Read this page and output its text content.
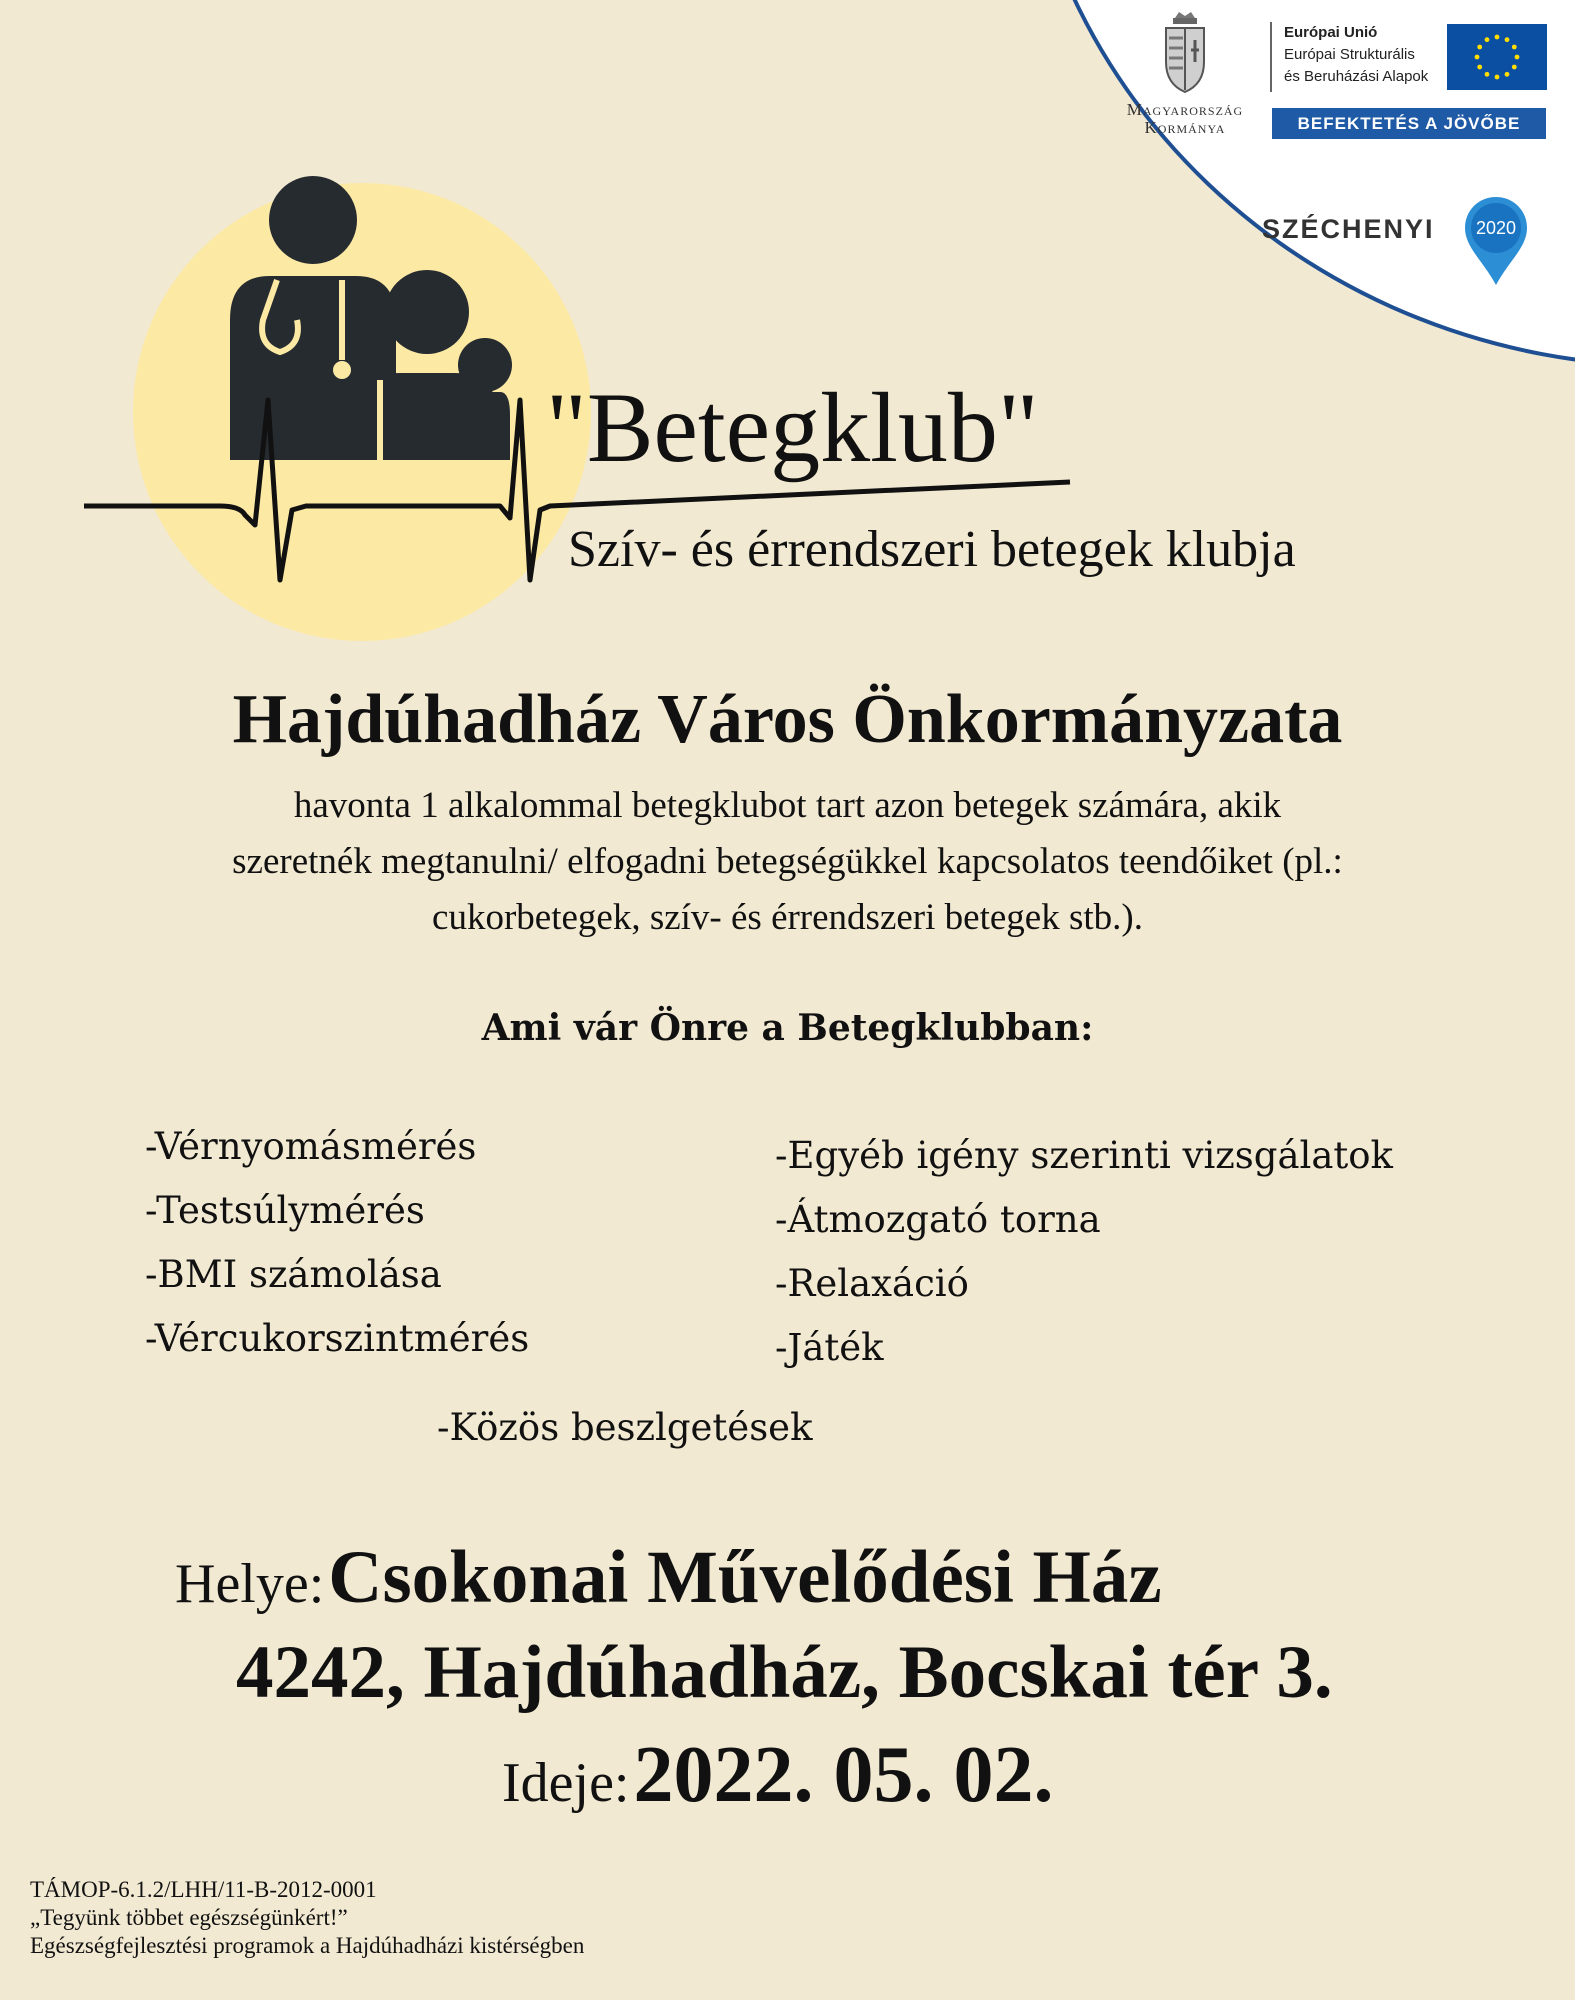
Magyarország
Kormánya
Európai Unió
Európai Strukturális
és Beruházási Alapok
BEFEKTETÉS A JÖVŐBE
SZÉCHENYI 2020
"Betegklub"
Szív- és érrendszeri betegek klubja
Hajdúhadház Város Önkormányzata
havonta 1 alkalommal betegklubot tart azon betegek számára, akik
szeretnék megtanulni/ elfogadni betegségükkel kapcsolatos teendőiket (pl.:
cukorbetegek, szív- és érrendszeri betegek stb.).
Ami vár Önre a Betegklubban:
-Vérnyomásmérés
-Testsúlymérés
-BMI számolása
-Vércukorszintmérés
-Egyéb igény szerinti vizsgálatok
-Átmozgató torna
-Relaxáció
-Játék
-Közös beszlgetések
Helye: Csokonai Művelődési Ház
4242, Hajdúhadház, Bocskai tér 3.
Ideje: 2022. 05. 02.
TÁMOP-6.1.2/LHH/11-B-2012-0001
„Tegyünk többet egészségünkért!”
Egészségfejlesztési programok a Hajdúhadházi kistérségben
